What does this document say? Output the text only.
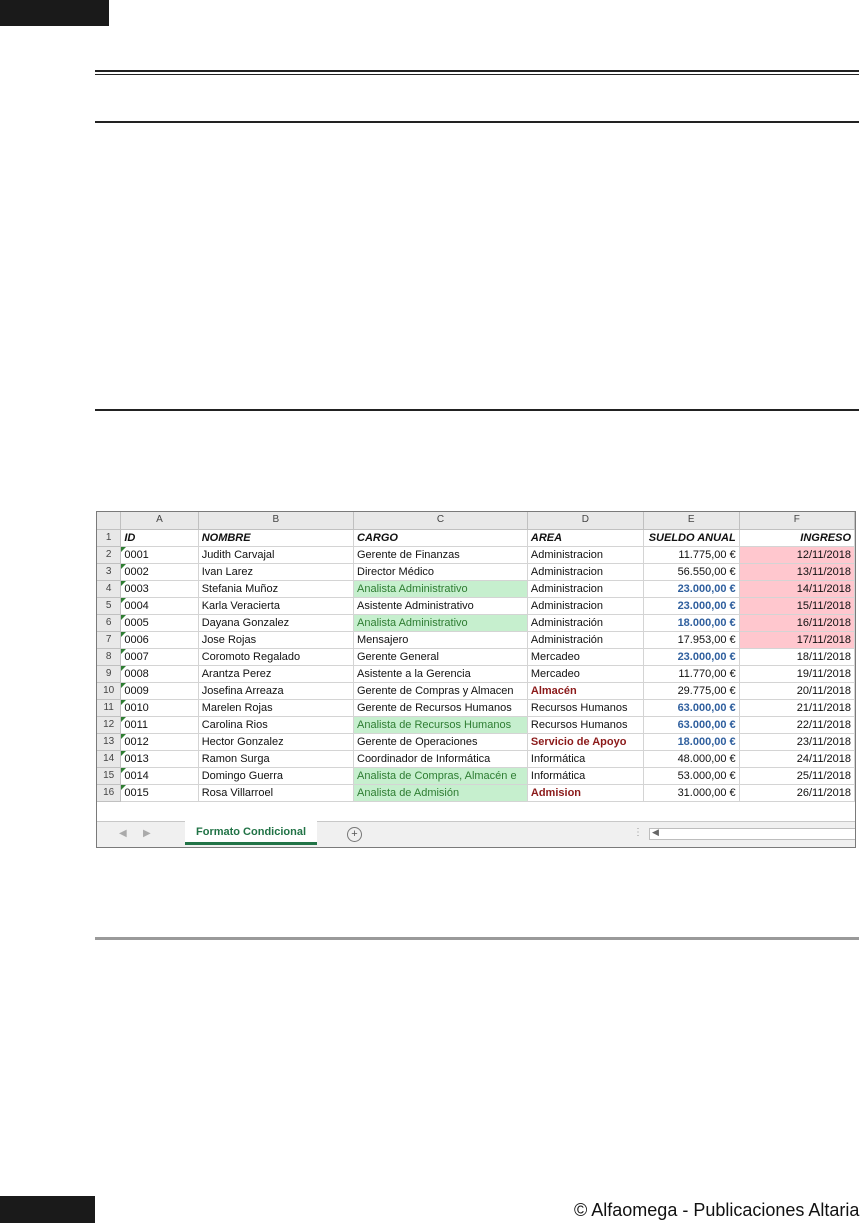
	A	B	C	D	E	F
1	ID	NOMBRE	CARGO	AREA	SUELDO ANUAL	INGRESO
2	0001	Judith Carvajal	Gerente de Finanzas	Administracion	11.775,00 €	12/11/2018
3	0002	Ivan Larez	Director Médico	Administracion	56.550,00 €	13/11/2018
4	0003	Stefania Muñoz	Analista Administrativo	Administracion	23.000,00 €	14/11/2018
5	0004	Karla Veracierta	Asistente Administrativo	Administracion	23.000,00 €	15/11/2018
6	0005	Dayana Gonzalez	Analista Administrativo	Administración	18.000,00 €	16/11/2018
7	0006	Jose Rojas	Mensajero	Administración	17.953,00 €	17/11/2018
8	0007	Coromoto Regalado	Gerente General	Mercadeo	23.000,00 €	18/11/2018
9	0008	Arantza Perez	Asistente a la Gerencia	Mercadeo	11.770,00 €	19/11/2018
10	0009	Josefina Arreaza	Gerente de Compras y Almacen	Almacén	29.775,00 €	20/11/2018
11	0010	Marelen Rojas	Gerente de Recursos Humanos	Recursos Humanos	63.000,00 €	21/11/2018
12	0011	Carolina Rios	Analista de Recursos Humanos	Recursos Humanos	63.000,00 €	22/11/2018
13	0012	Hector Gonzalez	Gerente de Operaciones	Servicio de Apoyo	18.000,00 €	23/11/2018
14	0013	Ramon Surga	Coordinador de Informática	Informática	48.000,00 €	24/11/2018
15	0014	Domingo Guerra	Analista de Compras, Almacén e	Informática	53.000,00 €	25/11/2018
16	0015	Rosa Villarroel	Analista de Admisión	Admision	31.000,00 €	26/11/2018
◀ ▶	Formato Condicional	+	⋮ ◀
© Alfaomega - Publicaciones Altaria
